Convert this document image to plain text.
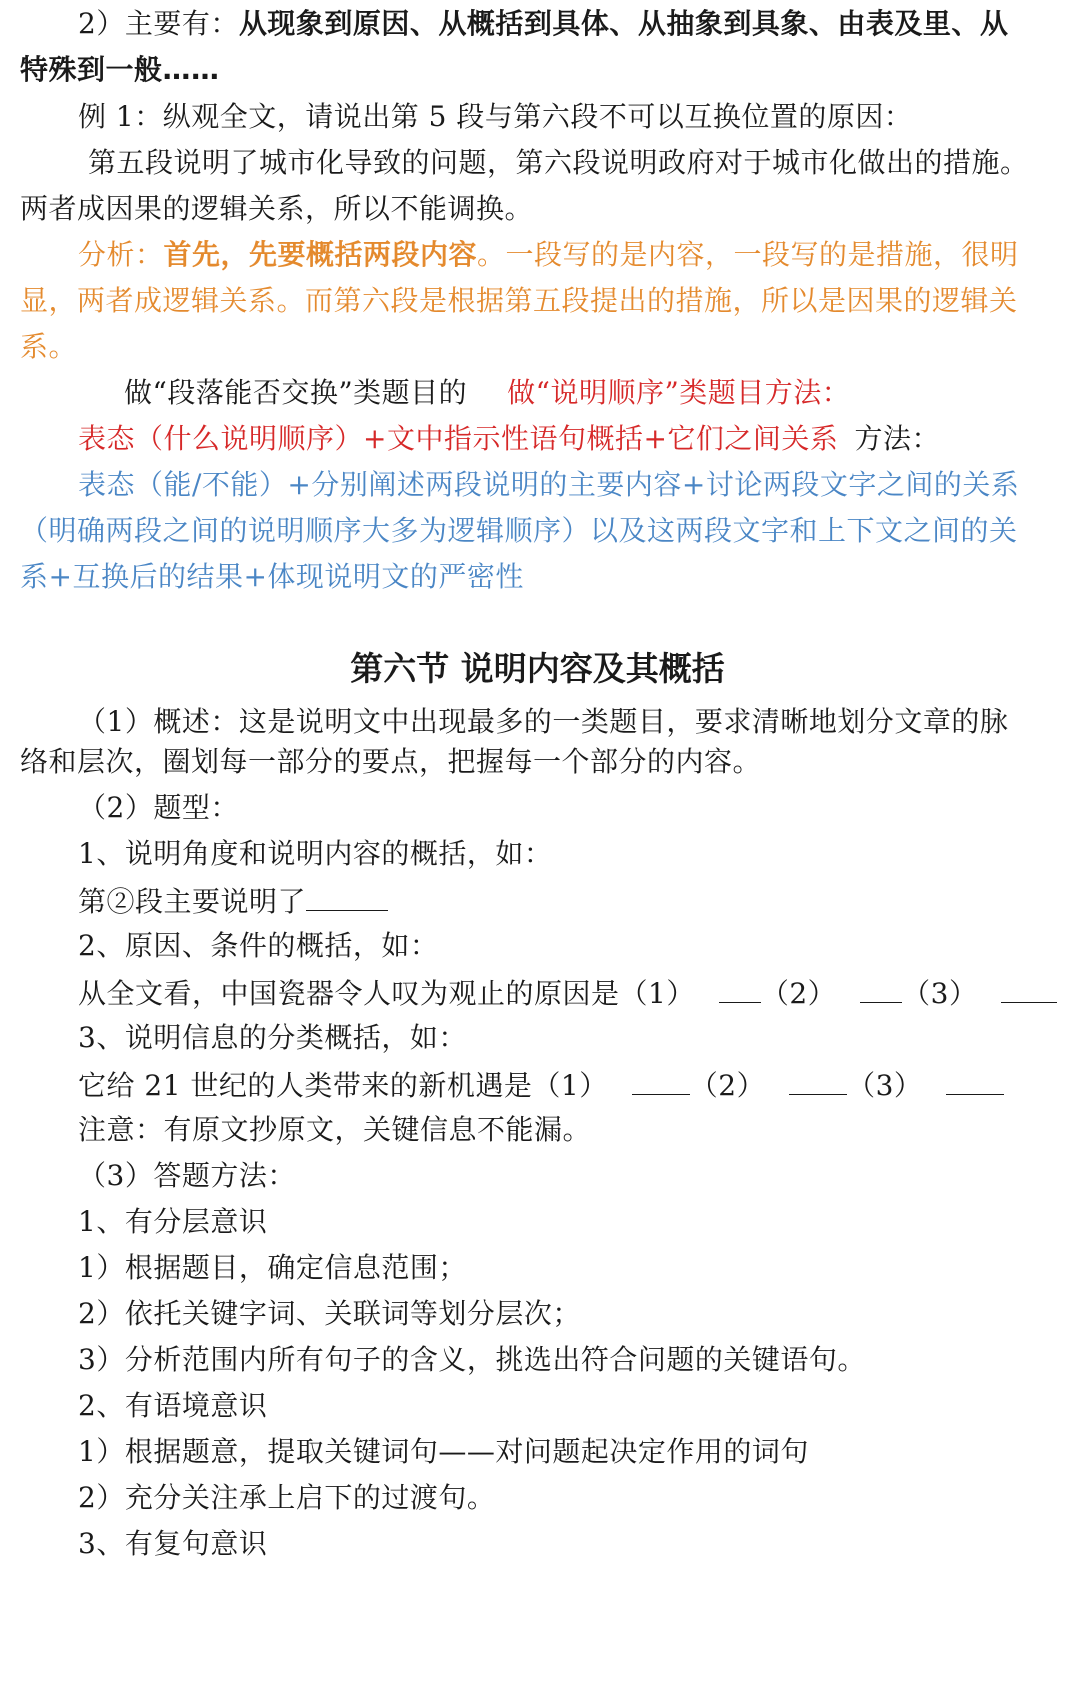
2）主要有：从现象到原因、从概括到具体、从抽象到具象、由表及里、从
特殊到一般……
例 1：纵观全文，请说出第 5 段与第六段不可以互换位置的原因：
第五段说明了城市化导致的问题，第六段说明政府对于城市化做出的措施。
两者成因果的逻辑关系，所以不能调换。
分析：首先，先要概括两段内容。一段写的是内容，一段写的是措施，很明
显，两者成逻辑关系。而第六段是根据第五段提出的措施，所以是因果的逻辑关
系。
做“段落能否交换”类题目的 做“说明顺序”类题目方法：
表态（什么说明顺序）+文中指示性语句概括+它们之间关系 方法：
表态（能/不能）+分别阐述两段说明的主要内容+讨论两段文字之间的关系
（明确两段之间的说明顺序大多为逻辑顺序）以及这两段文字和上下文之间的关
系+互换后的结果+体现说明文的严密性
第六节 说明内容及其概括
（1）概述：这是说明文中出现最多的一类题目，要求清晰地划分文章的脉
络和层次，圈划每一部分的要点，把握每一个部分的内容。
（2）题型：
1、说明角度和说明内容的概括，如：
第②段主要说明了
2、原因、条件的概括，如：
从全文看，中国瓷器令人叹为观止的原因是（1） （2） （3）
3、说明信息的分类概括，如：
它给 21 世纪的人类带来的新机遇是（1）	（2）	（3）
注意：有原文抄原文，关键信息不能漏。
（3）答题方法：
1、有分层意识
1）根据题目，确定信息范围；
2）依托关键字词、关联词等划分层次；
3）分析范围内所有句子的含义，挑选出符合问题的关键语句。
2、有语境意识
1）根据题意，提取关键词句——对问题起决定作用的词句
2）充分关注承上启下的过渡句。
3、有复句意识
